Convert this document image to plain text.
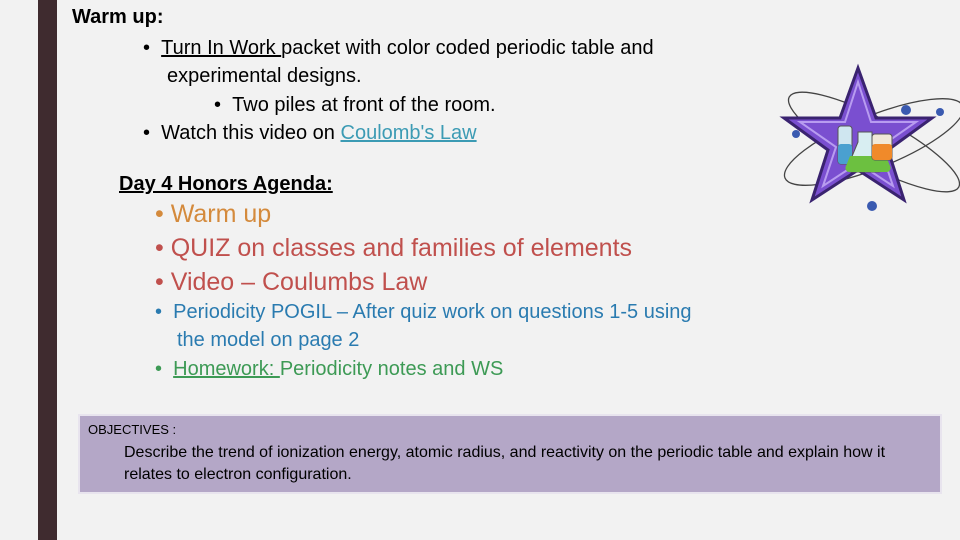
Warm up:
• Turn In Work packet with color coded periodic table and
experimental designs.
• Two piles at front of the room.
• Watch this video on Coulomb's Law
Day 4 Honors Agenda:
• Warm up
• QUIZ on classes and families of elements
• Video – Coulumbs Law
• Periodicity POGIL – After quiz work on questions 1-5 using
the model on page 2
• Homework: Periodicity notes and WS
OBJECTIVES :
Describe the trend of ionization energy, atomic radius, and reactivity on the periodic table and explain how it relates to electron configuration.
